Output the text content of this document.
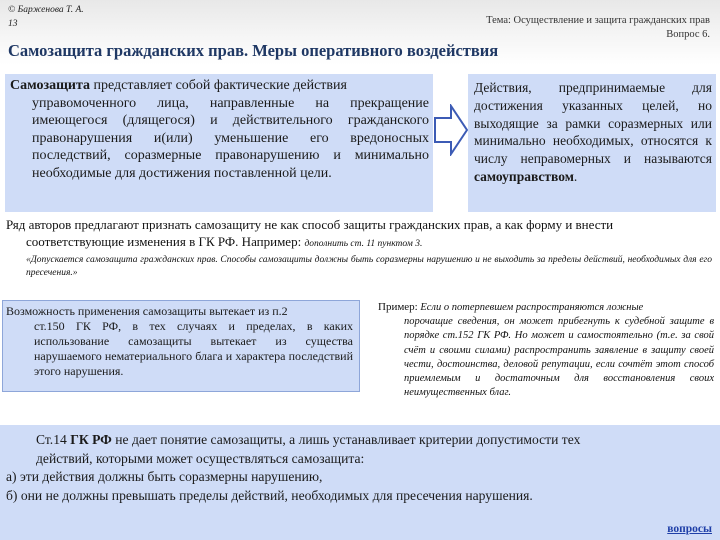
© Барженова Т. А.
13	Тема: Осуществление и защита гражданских прав
Вопрос 6.
Самозащита гражданских прав. Меры оперативного воздействия
Самозащита представляет собой фактические действия
управомоченного лица, направленные на прекращение имеющегося (длящегося) и действительного гражданского правонарушения и(или) уменьшение его вредоносных последствий, соразмерные правонарушению и минимально необходимые для достижения поставленной цели.
Действия, предпринимаемые для достижения указанных целей, но выходящие за рамки соразмерных или минимально необходимых, относятся к числу неправомерных и называются самоуправством.
Ряд авторов предлагают признать самозащиту не как способ защиты гражданских прав, а как форму и внести
соответствующие изменения в ГК РФ. Например: дополнить ст. 11 пунктом 3.
«Допускается самозащита гражданских прав. Способы самозащиты должны быть соразмерны нарушению и не выходить за пределы действий, необходимых для его пресечения.»
Возможность применения самозащиты вытекает из п.2
ст.150 ГК РФ, в тех случаях и пределах, в каких использование самозащиты вытекает из существа нарушаемого нематериального блага и характера последствий этого нарушения.
Пример: Если о потерпевшем распространяются ложные
порочащие сведения, он может прибегнуть к судебной защите в порядке ст.152 ГК РФ. Но может и самостоятельно (т.е. за свой счёт и своими силами) распространить заявление в защиту своей чести, достоинства, деловой репутации, если сочтёт этот способ приемлемым и достаточным для восстановления своих неимущественных благ.
Ст.14 ГК РФ не дает понятие самозащиты, а лишь устанавливает критерии допустимости тех
действий, которыми может осуществляться самозащита:
а) эти действия должны быть соразмерны нарушению,
б) они не должны превышать пределы действий, необходимых для пресечения нарушения.
вопросы
